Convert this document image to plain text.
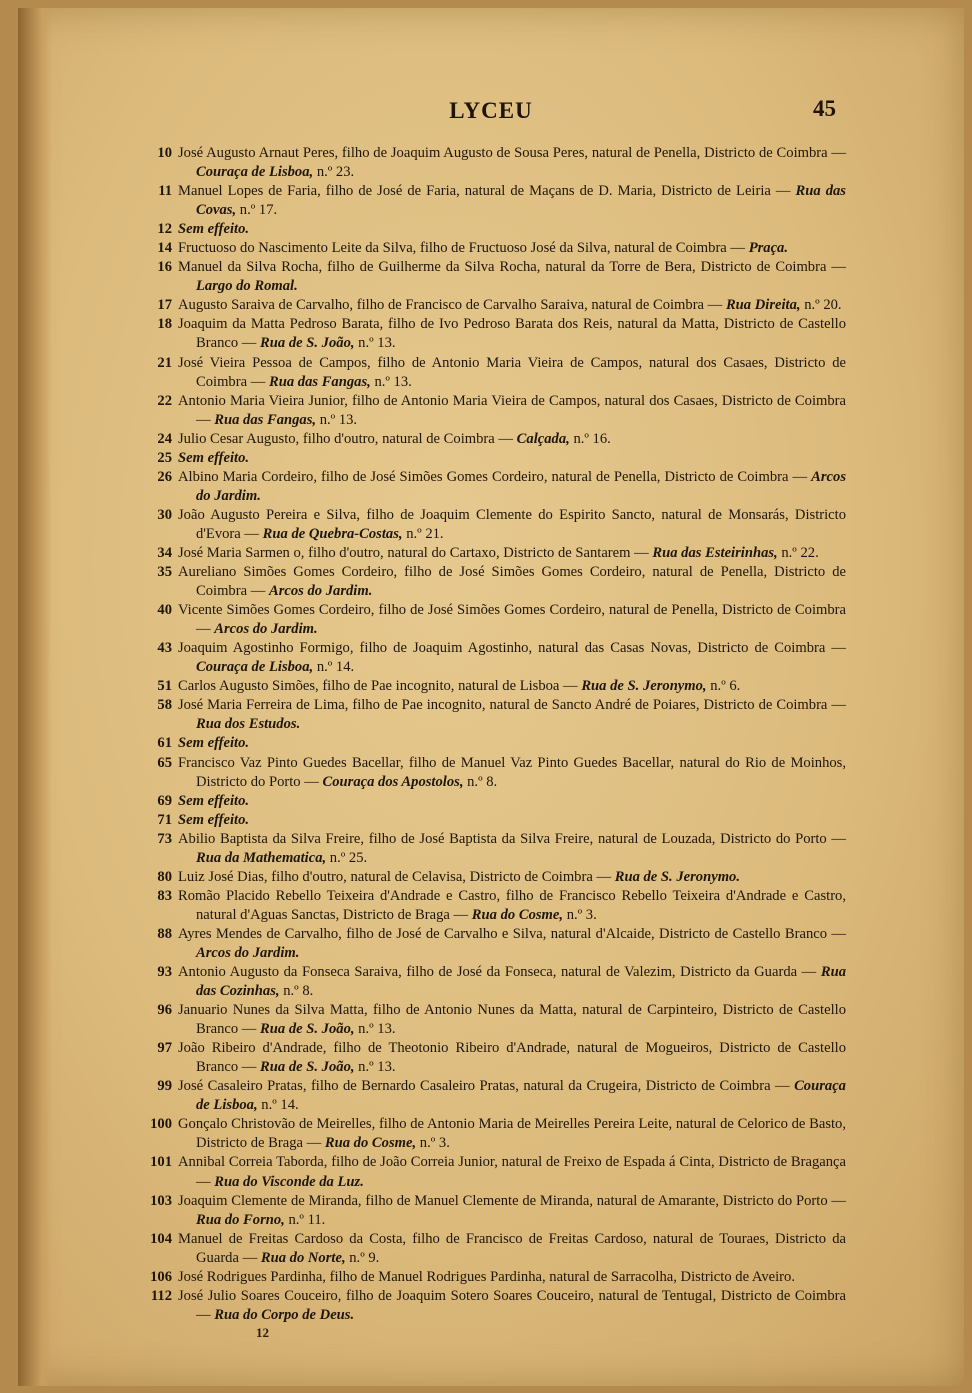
LYCEU	45
10 José Augusto Arnaut Peres, filho de Joaquim Augusto de Sousa Peres, natural de Penella, Districto de Coimbra — Couraça de Lisboa, n.º 23.
11 Manuel Lopes de Faria, filho de José de Faria, natural de Maçans de D. Maria, Districto de Leiria — Rua das Covas, n.º 17.
12 Sem effeito.
14 Fructuoso do Nascimento Leite da Silva, filho de Fructuoso José da Silva, natural de Coimbra — Praça.
16 Manuel da Silva Rocha, filho de Guilherme da Silva Rocha, natural da Torre de Bera, Districto de Coimbra — Largo do Romal.
17 Augusto Saraiva de Carvalho, filho de Francisco de Carvalho Saraiva, natural de Coimbra — Rua Direita, n.º 20.
18 Joaquim da Matta Pedroso Barata, filho de Ivo Pedroso Barata dos Reis, natural da Matta, Districto de Castello Branco — Rua de S. João, n.º 13.
21 José Vieira Pessoa de Campos, filho de Antonio Maria Vieira de Campos, natural dos Casaes, Districto de Coimbra — Rua das Fangas, n.º 13.
22 Antonio Maria Vieira Junior, filho de Antonio Maria Vieira de Campos, natural dos Casaes, Districto de Coimbra — Rua das Fangas, n.º 13.
24 Julio Cesar Augusto, filho d'outro, natural de Coimbra — Calçada, n.º 16.
25 Sem effeito.
26 Albino Maria Cordeiro, filho de José Simões Gomes Cordeiro, natural de Penella, Districto de Coimbra — Arcos do Jardim.
30 João Augusto Pereira e Silva, filho de Joaquim Clemente do Espirito Sancto, natural de Monsarás, Districto d'Evora — Rua de Quebra-Costas, n.º 21.
34 José Maria Sarmen o, filho d'outro, natural do Cartaxo, Districto de Santarem — Rua das Esteirinhas, n.º 22.
35 Aureliano Simões Gomes Cordeiro, filho de José Simões Gomes Cordeiro, natural de Penella, Districto de Coimbra — Arcos do Jardim.
40 Vicente Simões Gomes Cordeiro, filho de José Simões Gomes Cordeiro, natural de Penella, Districto de Coimbra — Arcos do Jardim.
43 Joaquim Agostinho Formigo, filho de Joaquim Agostinho, natural das Casas Novas, Districto de Coimbra — Couraça de Lisboa, n.º 14.
51 Carlos Augusto Simões, filho de Pae incognito, natural de Lisboa — Rua de S. Jeronymo, n.º 6.
58 José Maria Ferreira de Lima, filho de Pae incognito, natural de Sancto André de Poiares, Districto de Coimbra — Rua dos Estudos.
61 Sem effeito.
65 Francisco Vaz Pinto Guedes Bacellar, filho de Manuel Vaz Pinto Guedes Bacellar, natural do Rio de Moinhos, Districto do Porto — Couraça dos Apostolos, n.º 8.
69 Sem effeito.
71 Sem effeito.
73 Abilio Baptista da Silva Freire, filho de José Baptista da Silva Freire, natural de Louzada, Districto do Porto — Rua da Mathematica, n.º 25.
80 Luiz José Dias, filho d'outro, natural de Celavisa, Districto de Coimbra — Rua de S. Jeronymo.
83 Romão Placido Rebello Teixeira d'Andrade e Castro, filho de Francisco Rebello Teixeira d'Andrade e Castro, natural d'Aguas Sanctas, Districto de Braga — Rua do Cosme, n.º 3.
88 Ayres Mendes de Carvalho, filho de José de Carvalho e Silva, natural d'Alcaide, Districto de Castello Branco — Arcos do Jardim.
93 Antonio Augusto da Fonseca Saraiva, filho de José da Fonseca, natural de Valezim, Districto da Guarda — Rua das Cozinhas, n.º 8.
96 Januario Nunes da Silva Matta, filho de Antonio Nunes da Matta, natural de Carpinteiro, Districto de Castello Branco — Rua de S. João, n.º 13.
97 João Ribeiro d'Andrade, filho de Theotonio Ribeiro d'Andrade, natural de Mogueiros, Districto de Castello Branco — Rua de S. João, n.º 13.
99 José Casaleiro Pratas, filho de Bernardo Casaleiro Pratas, natural da Crugeira, Districto de Coimbra — Couraça de Lisboa, n.º 14.
100 Gonçalo Christovão de Meirelles, filho de Antonio Maria de Meirelles Pereira Leite, natural de Celorico de Basto, Districto de Braga — Rua do Cosme, n.º 3.
101 Annibal Correia Taborda, filho de João Correia Junior, natural de Freixo de Espada á Cinta, Districto de Bragança — Rua do Visconde da Luz.
103 Joaquim Clemente de Miranda, filho de Manuel Clemente de Miranda, natural de Amarante, Districto do Porto — Rua do Forno, n.º 11.
104 Manuel de Freitas Cardoso da Costa, filho de Francisco de Freitas Cardoso, natural de Touraes, Districto da Guarda — Rua do Norte, n.º 9.
106 José Rodrigues Pardinha, filho de Manuel Rodrigues Pardinha, natural de Sarracolha, Districto de Aveiro.
112 José Julio Soares Couceiro, filho de Joaquim Sotero Soares Couceiro, natural de Tentugal, Districto de Coimbra — Rua do Corpo de Deus.
12
